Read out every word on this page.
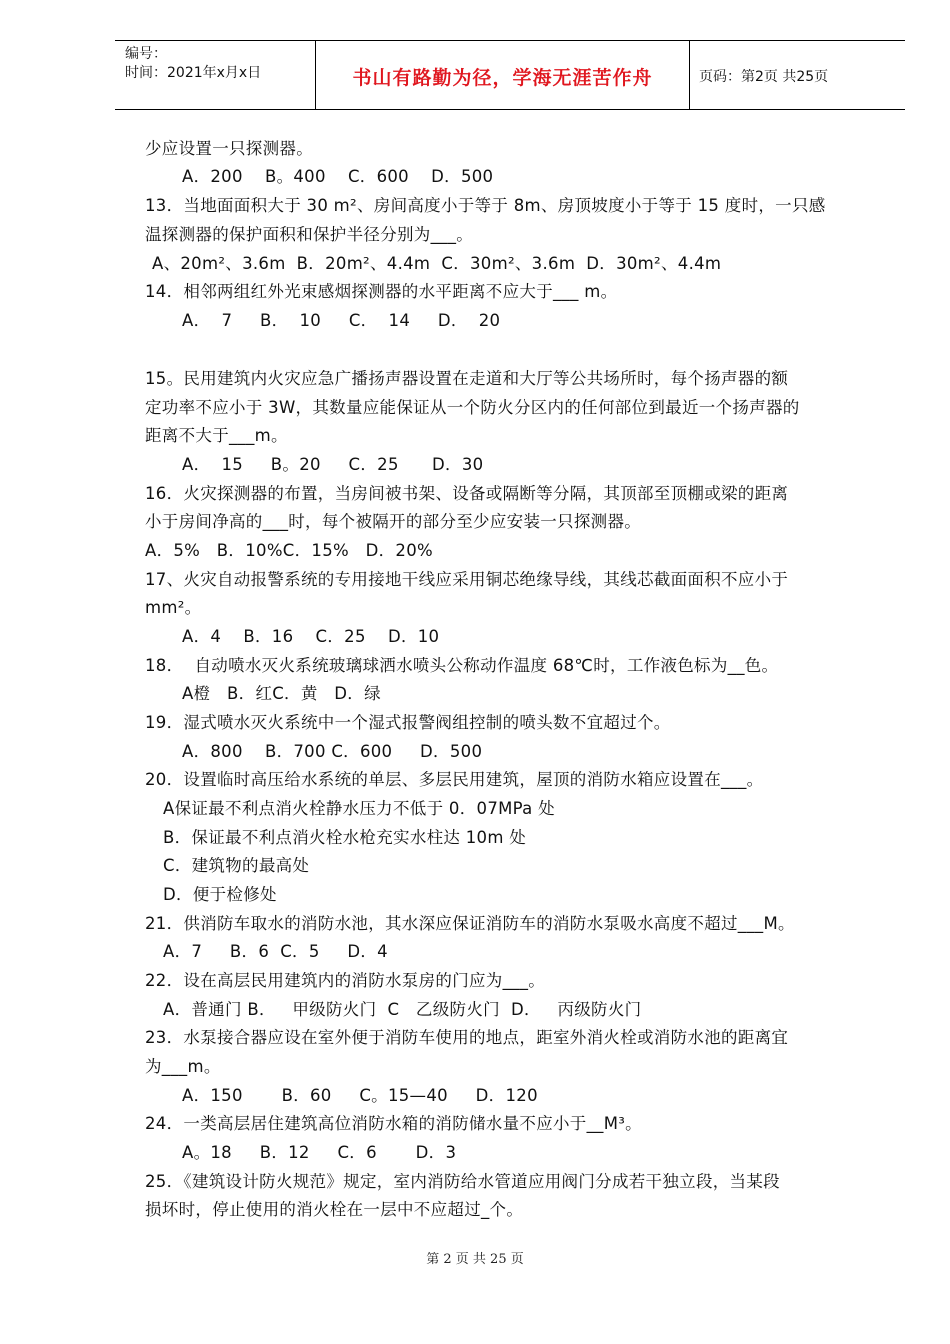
编号：
时间：2021年x月x日	书山有路勤为径，学海无涯苦作舟	页码：第2页 共25页
少应设置一只探测器。
A．200    B。400    C．600    D．500
13．当地面面积大于 30 m²、房间高度小于等于 8m、房顶坡度小于等于 15 度时，一只感
温探测器的保护面积和保护半径分别为___。
A、20m²、3.6m  B．20m²、4.4m  C．30m²、3.6m  D．30m²、4.4m
14．相邻两组红外光束感烟探测器的水平距离不应大于___ m。
A．  7     B．  10     C．  14     D．  20
15。民用建筑内火灾应急广播扬声器设置在走道和大厅等公共场所时，每个扬声器的额
定功率不应小于 3W，其数量应能保证从一个防火分区内的任何部位到最近一个扬声器的
距离不大于___m。
A．  15     B。20     C．25      D．30
16．火灾探测器的布置，当房间被书架、设备或隔断等分隔，其顶部至顶棚或梁的距离
小于房间净高的___时，每个被隔开的部分至少应安装一只探测器。
A．5%   B．10%C．15%   D．20%
17、火灾自动报警系统的专用接地干线应采用铜芯绝缘导线，其线芯截面面积不应小于
mm²。
A．4    B．16    C．25    D．10
18．  自动喷水灭火系统玻璃球洒水喷头公称动作温度 68℃时，工作液色标为__色。
A橙   B．红C．黄   D．绿
19．湿式喷水灭火系统中一个湿式报警阀组控制的喷头数不宜超过个。
A．800    B．700 C．600     D．500
20．设置临时高压给水系统的单层、多层民用建筑，屋顶的消防水箱应设置在___。
A保证最不利点消火栓静水压力不低于 0．07MPa 处
B．保证最不利点消火栓水枪充实水柱达 10m 处
C．建筑物的最高处
D．便于检修处
21．供消防车取水的消防水池，其水深应保证消防车的消防水泵吸水高度不超过___M。
A．7     B．6  C．5     D．4
22．设在高层民用建筑内的消防水泵房的门应为___。
A．普通门 B．   甲级防火门  C   乙级防火门  D．   丙级防火门
23．水泵接合器应设在室外便于消防车使用的地点，距室外消火栓或消防水池的距离宜
为___m。
A．150       B．60     C。15—40     D．120
24．一类高层居住建筑高位消防水箱的消防储水量不应小于__M³。
A。18     B．12     C．6       D．3
25．《建筑设计防火规范》规定，室内消防给水管道应用阀门分成若干独立段，当某段
损坏时，停止使用的消火栓在一层中不应超过_个。
第 2 页 共 25 页
